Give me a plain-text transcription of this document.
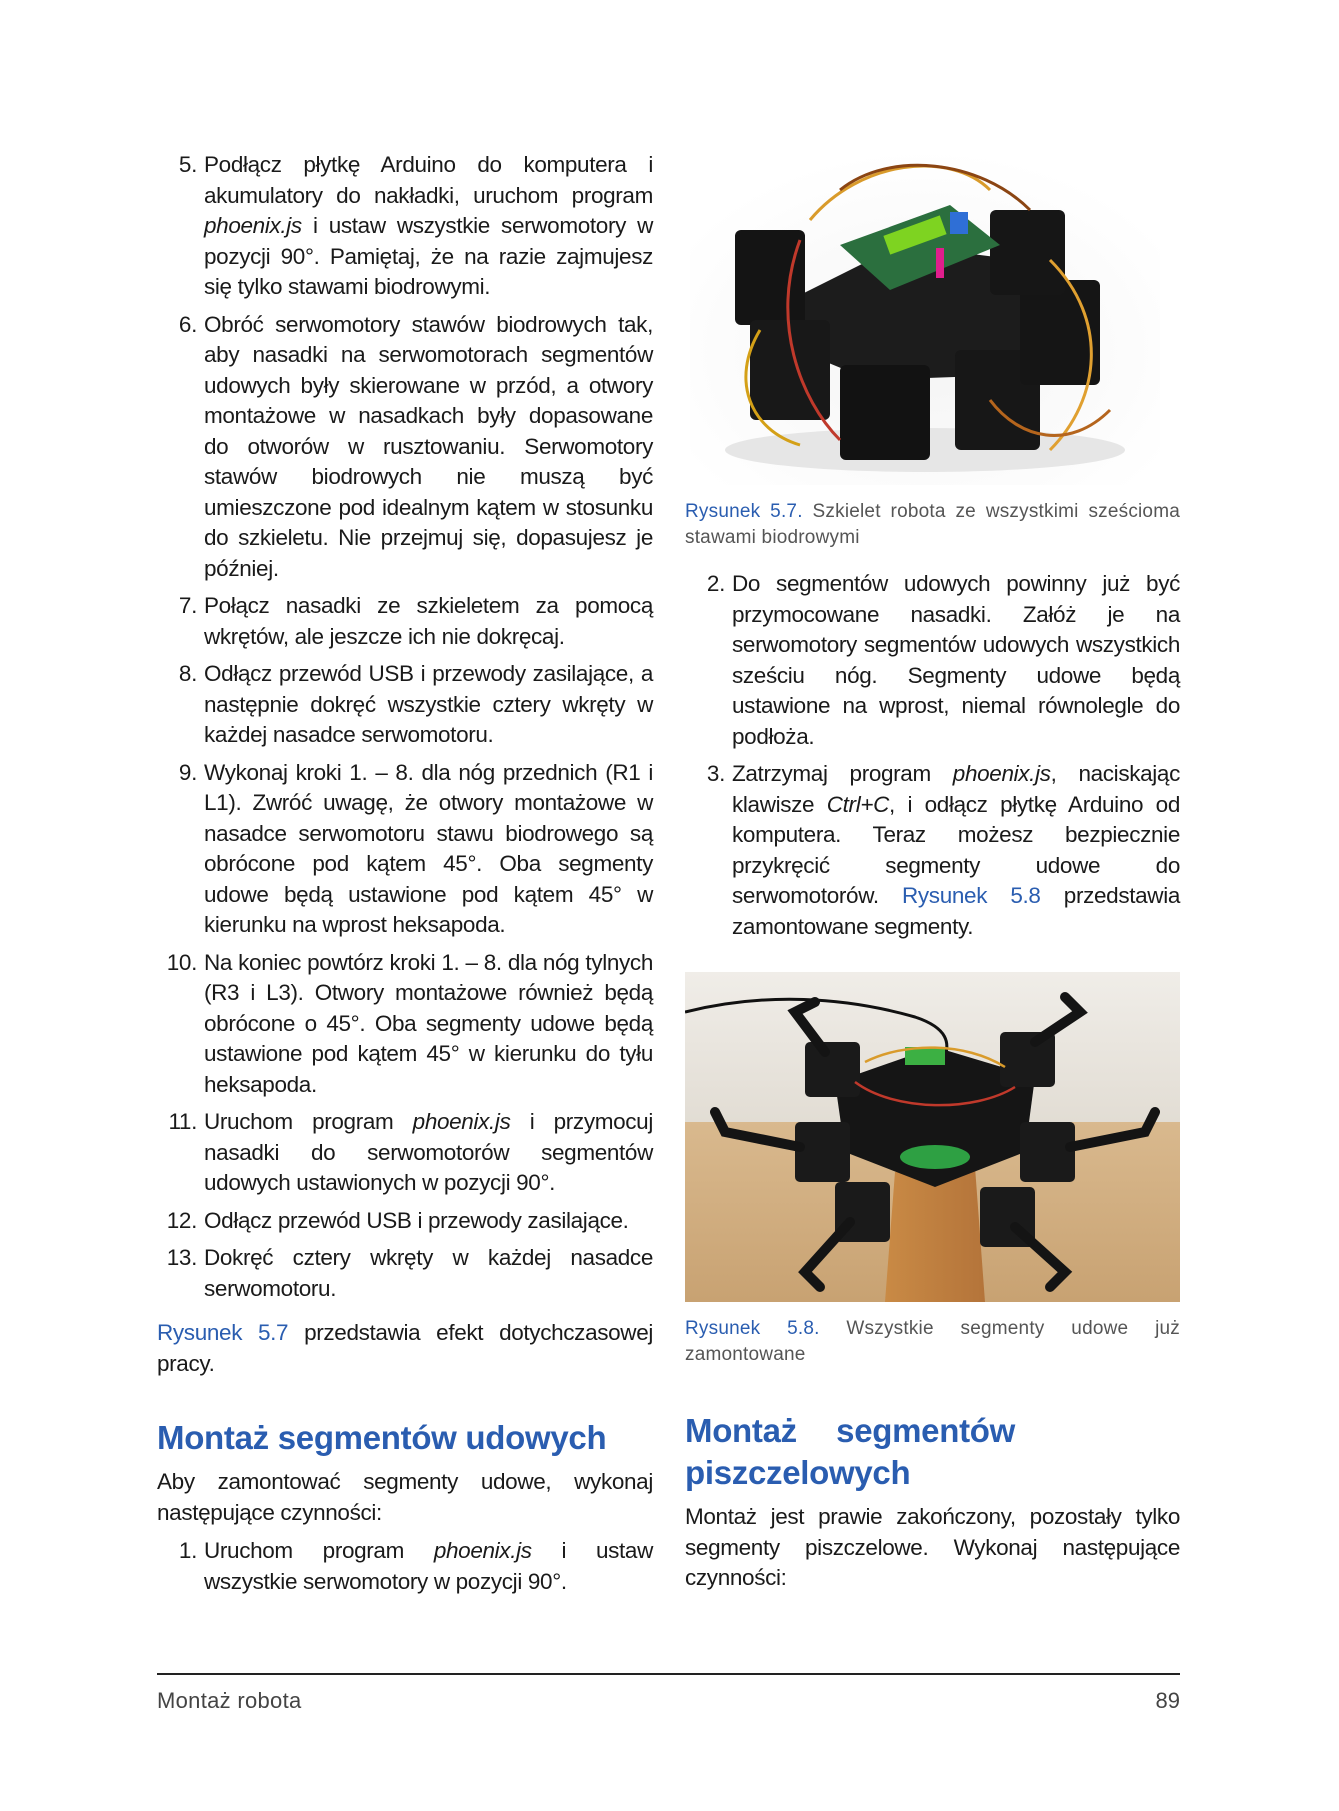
5. Podłącz płytkę Arduino do komputera i akumulatory do nakładki, uruchom program phoenix.js i ustaw wszystkie serwomotory w pozycji 90°. Pamiętaj, że na razie zajmujesz się tylko stawami biodrowymi.
6. Obróć serwomotory stawów biodrowych tak, aby nasadki na serwomotorach segmentów udowych były skierowane w przód, a otwory montażowe w nasadkach były dopasowane do otworów w rusztowaniu. Serwomotory stawów biodrowych nie muszą być umieszczone pod idealnym kątem w stosunku do szkieletu. Nie przejmuj się, dopasujesz je później.
7. Połącz nasadki ze szkieletem za pomocą wkrętów, ale jeszcze ich nie dokręcaj.
8. Odłącz przewód USB i przewody zasilające, a następnie dokręć wszystkie cztery wkręty w każdej nasadce serwomotoru.
9. Wykonaj kroki 1. – 8. dla nóg przednich (R1 i L1). Zwróć uwagę, że otwory montażowe w nasadce serwomotoru stawu biodrowego są obrócone pod kątem 45°. Oba segmenty udowe będą ustawione pod kątem 45° w kierunku na wprost heksapoda.
10. Na koniec powtórz kroki 1. – 8. dla nóg tylnych (R3 i L3). Otwory montażowe również będą obrócone o 45°. Oba segmenty udowe będą ustawione pod kątem 45° w kierunku do tyłu heksapoda.
11. Uruchom program phoenix.js i przymocuj nasadki do serwomotorów segmentów udowych ustawionych w pozycji 90°.
12. Odłącz przewód USB i przewody zasilające.
13. Dokręć cztery wkręty w każdej nasadce serwomotoru.

Rysunek 5.7 przedstawia efekt dotychczasowej pracy.

Montaż segmentów udowych

Aby zamontować segmenty udowe, wykonaj następujące czynności:

1. Uruchom program phoenix.js i ustaw wszystkie serwomotory w pozycji 90°.

Rysunek 5.7. Szkielet robota ze wszystkimi sześcioma stawami biodrowymi

2. Do segmentów udowych powinny już być przymocowane nasadki. Załóż je na serwomotory segmentów udowych wszystkich sześciu nóg. Segmenty udowe będą ustawione na wprost, niemal równolegle do podłoża.
3. Zatrzymaj program phoenix.js, naciskając klawisze Ctrl+C, i odłącz płytkę Arduino od komputera. Teraz możesz bezpiecznie przykręcić segmenty udowe do serwomotorów. Rysunek 5.8 przedstawia zamontowane segmenty.

Rysunek 5.8. Wszystkie segmenty udowe już zamontowane

Montaż segmentów piszczelowych

Montaż jest prawie zakończony, pozostały tylko segmenty piszczelowe. Wykonaj następujące czynności:

Montaż robota	89
